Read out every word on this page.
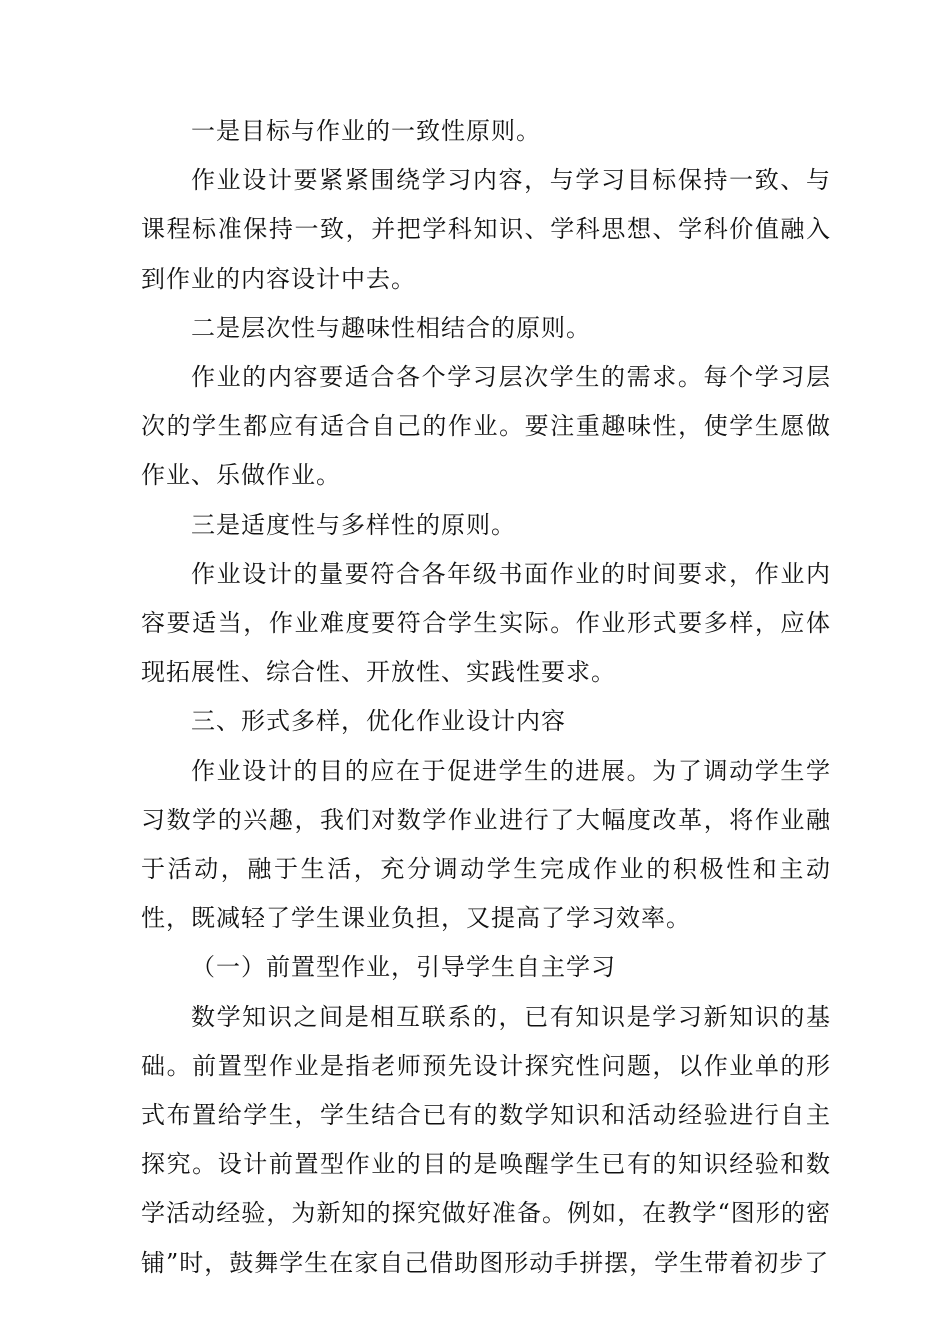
一是目标与作业的一致性原则。

作业设计要紧紧围绕学习内容，与学习目标保持一致、与课程标准保持一致，并把学科知识、学科思想、学科价值融入到作业的内容设计中去。

二是层次性与趣味性相结合的原则。

作业的内容要适合各个学习层次学生的需求。每个学习层次的学生都应有适合自己的作业。要注重趣味性，使学生愿做作业、乐做作业。

三是适度性与多样性的原则。

作业设计的量要符合各年级书面作业的时间要求，作业内容要适当，作业难度要符合学生实际。作业形式要多样，应体现拓展性、综合性、开放性、实践性要求。

三、形式多样，优化作业设计内容

作业设计的目的应在于促进学生的进展。为了调动学生学习数学的兴趣，我们对数学作业进行了大幅度改革，将作业融于活动，融于生活，充分调动学生完成作业的积极性和主动性，既减轻了学生课业负担，又提高了学习效率。

（一）前置型作业，引导学生自主学习

数学知识之间是相互联系的，已有知识是学习新知识的基础。前置型作业是指老师预先设计探究性问题，以作业单的形式布置给学生，学生结合已有的数学知识和活动经验进行自主探究。设计前置型作业的目的是唤醒学生已有的知识经验和数学活动经验，为新知的探究做好准备。例如，在教学“图形的密铺”时，鼓舞学生在家自己借助图形动手拼摆，学生带着初步了
